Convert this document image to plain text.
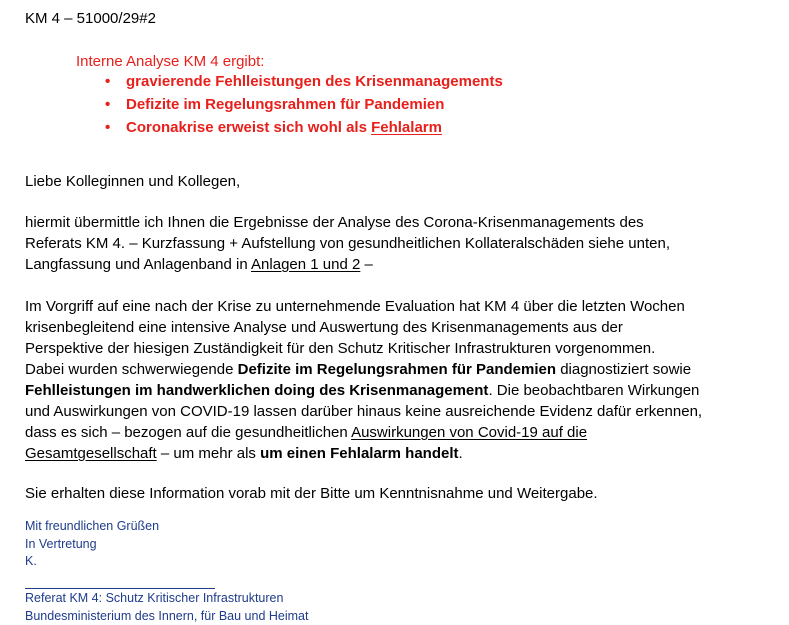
KM 4 – 51000/29#2
Interne Analyse KM 4 ergibt:
• gravierende Fehlleistungen des Krisenmanagements
• Defizite im Regelungsrahmen für Pandemien
• Coronakrise erweist sich wohl als Fehlalarm
Liebe Kolleginnen und Kollegen,
hiermit übermittle ich Ihnen die Ergebnisse der Analyse des Corona-Krisenmanagements des
Referats KM 4. – Kurzfassung + Aufstellung von gesundheitlichen Kollateralschäden siehe unten,
Langfassung und Anlagenband in Anlagen 1 und 2 –
Im Vorgriff auf eine nach der Krise zu unternehmende Evaluation hat KM 4 über die letzten Wochen
krisenbegleitend eine intensive Analyse und Auswertung des Krisenmanagements aus der
Perspektive der hiesigen Zuständigkeit für den Schutz Kritischer Infrastrukturen vorgenommen.
Dabei wurden schwerwiegende Defizite im Regelungsrahmen für Pandemien diagnostiziert sowie
Fehlleistungen im handwerklichen doing des Krisenmanagement. Die beobachtbaren Wirkungen
und Auswirkungen von COVID-19 lassen darüber hinaus keine ausreichende Evidenz dafür erkennen,
dass es sich – bezogen auf die gesundheitlichen Auswirkungen von Covid-19 auf die
Gesamtgesellschaft – um mehr als um einen Fehlalarm handelt.
Sie erhalten diese Information vorab mit der Bitte um Kenntnisnahme und Weitergabe.
Mit freundlichen Grüßen
In Vertretung
K.
Referat KM 4: Schutz Kritischer Infrastrukturen
Bundesministerium des Innern, für Bau und Heimat
